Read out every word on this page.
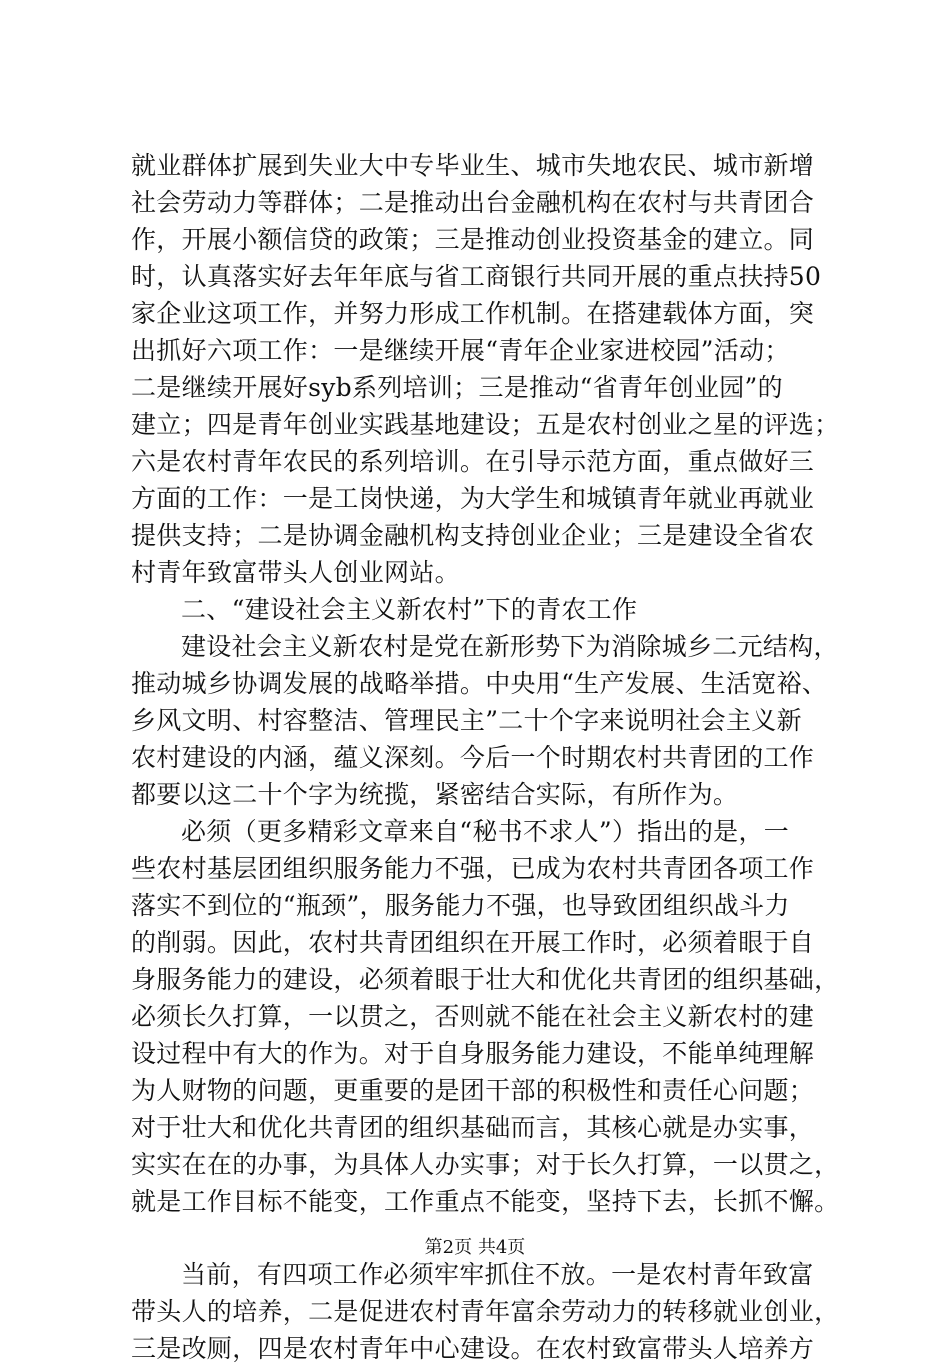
就业群体扩展到失业大中专毕业生、城市失地农民、城市新增
社会劳动力等群体；二是推动出台金融机构在农村与共青团合
作，开展小额信贷的政策；三是推动创业投资基金的建立。同
时，认真落实好去年年底与省工商银行共同开展的重点扶持50
家企业这项工作，并努力形成工作机制。在搭建载体方面，突
出抓好六项工作：一是继续开展“青年企业家进校园”活动；
二是继续开展好syb系列培训；三是推动“省青年创业园”的
建立；四是青年创业实践基地建设；五是农村创业之星的评选；
六是农村青年农民的系列培训。在引导示范方面，重点做好三
方面的工作：一是工岗快递，为大学生和城镇青年就业再就业
提供支持；二是协调金融机构支持创业企业；三是建设全省农
村青年致富带头人创业网站。
二、“建设社会主义新农村”下的青农工作
建设社会主义新农村是党在新形势下为消除城乡二元结构，
推动城乡协调发展的战略举措。中央用“生产发展、生活宽裕、
乡风文明、村容整洁、管理民主”二十个字来说明社会主义新
农村建设的内涵，蕴义深刻。今后一个时期农村共青团的工作
都要以这二十个字为统揽，紧密结合实际，有所作为。
必须（更多精彩文章来自“秘书不求人”）指出的是，一
些农村基层团组织服务能力不强，已成为农村共青团各项工作
落实不到位的“瓶颈”，服务能力不强，也导致团组织战斗力
的削弱。因此，农村共青团组织在开展工作时，必须着眼于自
身服务能力的建设，必须着眼于壮大和优化共青团的组织基础，
必须长久打算，一以贯之，否则就不能在社会主义新农村的建
设过程中有大的作为。对于自身服务能力建设，不能单纯理解
为人财物的问题，更重要的是团干部的积极性和责任心问题；
对于壮大和优化共青团的组织基础而言，其核心就是办实事，
实实在在的办事，为具体人办实事；对于长久打算，一以贯之，
就是工作目标不能变，工作重点不能变，坚持下去，长抓不懈。
当前，有四项工作必须牢牢抓住不放。一是农村青年致富
带头人的培养，二是促进农村青年富余劳动力的转移就业创业，
三是改厕，四是农村青年中心建设。在农村致富带头人培养方
第2页 共4页
